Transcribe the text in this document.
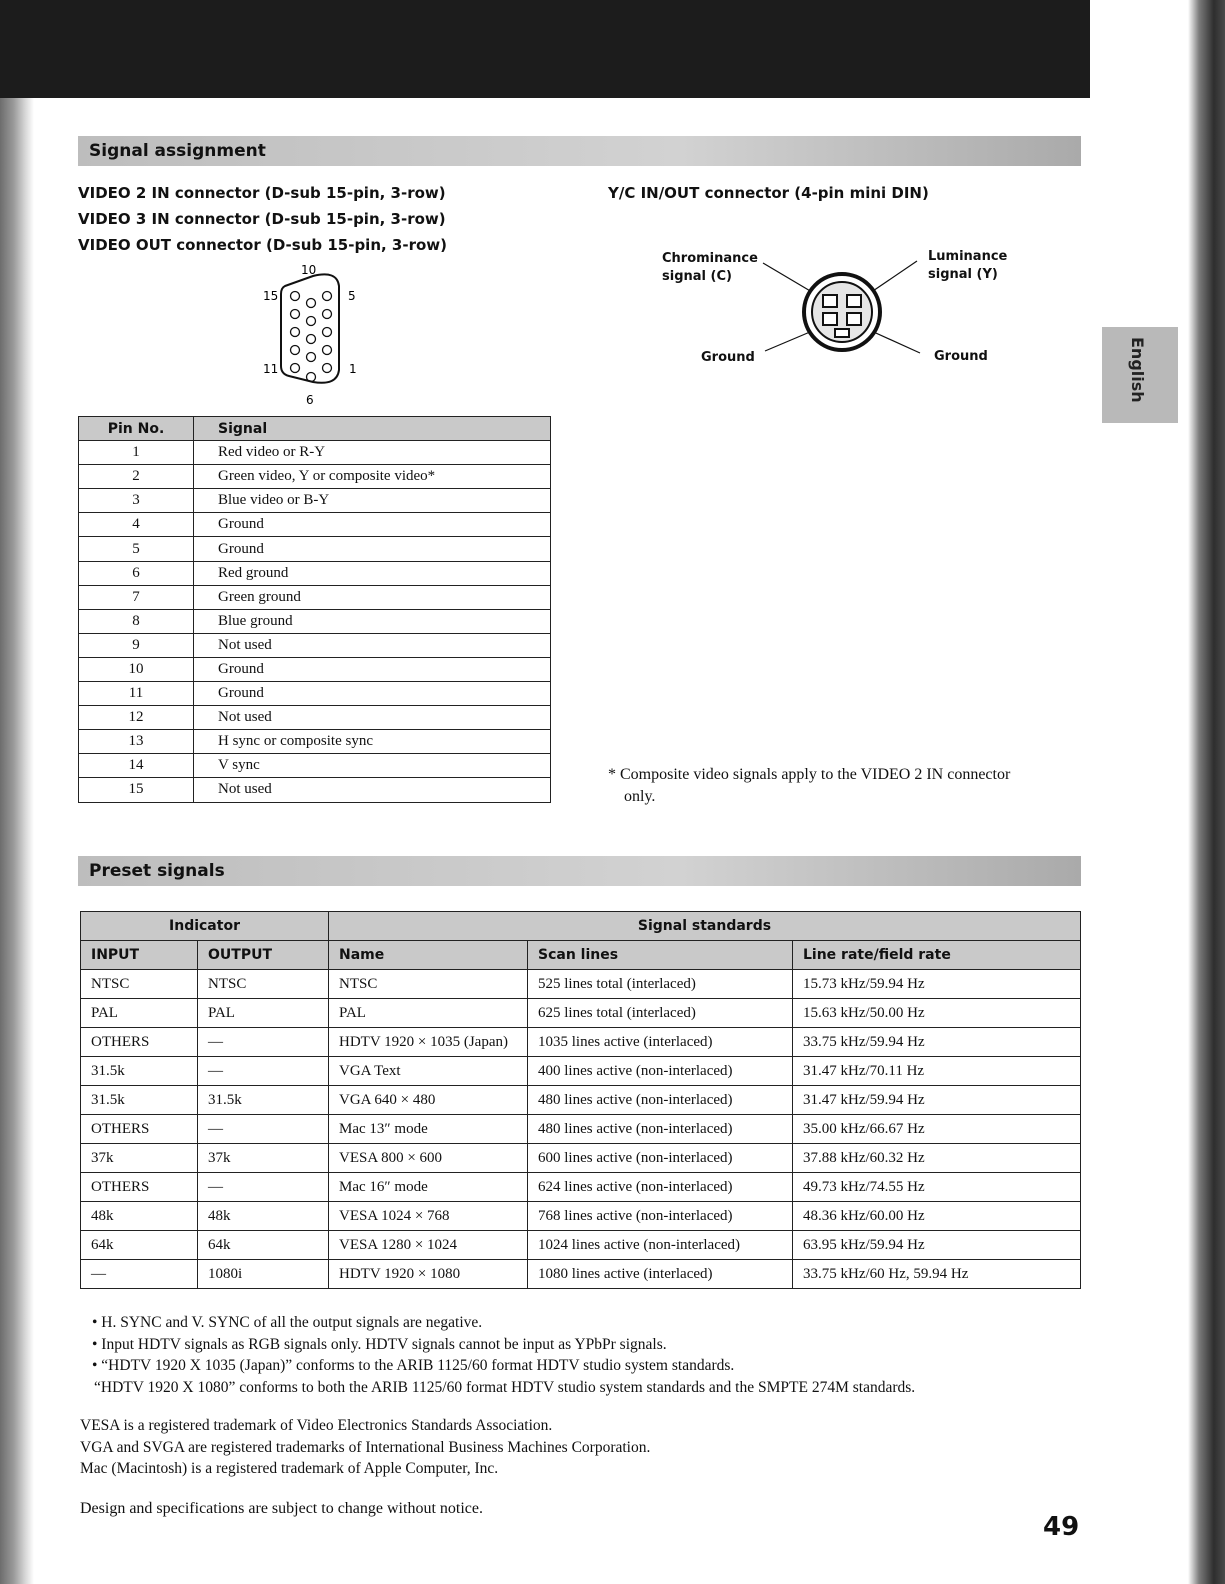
English
Signal assignment
VIDEO 2 IN connector (D-sub 15-pin, 3-row)
VIDEO 3 IN connector (D-sub 15-pin, 3-row)
VIDEO OUT connector (D-sub 15-pin, 3-row)
10
15	5
11	1
6
Y/C IN/OUT connector (4-pin mini DIN)
Chrominance
signal (C)
Luminance
signal (Y)
Ground	Ground
Pin No.	Signal
1	Red video or R-Y
2	Green video, Y or composite video*
3	Blue video or B-Y
4	Ground
5	Ground
6	Red ground
7	Green ground
8	Blue ground
9	Not used
10	Ground
11	Ground
12	Not used
13	H sync or composite sync
14	V sync
15	Not used
* Composite video signals apply to the VIDEO 2 IN connector
only.
Preset signals
Indicator		Signal standards		
INPUT	OUTPUT	Name	Scan lines	Line rate/field rate
NTSC	NTSC	NTSC	525 lines total (interlaced)	15.73 kHz/59.94 Hz
PAL	PAL	PAL	625 lines total (interlaced)	15.63 kHz/50.00 Hz
OTHERS	—	HDTV 1920 × 1035 (Japan)	1035 lines active (interlaced)	33.75 kHz/59.94 Hz
31.5k	—	VGA Text	400 lines active (non-interlaced)	31.47 kHz/70.11 Hz
31.5k	31.5k	VGA 640 × 480	480 lines active (non-interlaced)	31.47 kHz/59.94 Hz
OTHERS	—	Mac 13″ mode	480 lines active (non-interlaced)	35.00 kHz/66.67 Hz
37k	37k	VESA 800 × 600	600 lines active (non-interlaced)	37.88 kHz/60.32 Hz
OTHERS	—	Mac 16″ mode	624 lines active (non-interlaced)	49.73 kHz/74.55 Hz
48k	48k	VESA 1024 × 768	768 lines active (non-interlaced)	48.36 kHz/60.00 Hz
64k	64k	VESA 1280 × 1024	1024 lines active (non-interlaced)	63.95 kHz/59.94 Hz
—	1080i	HDTV 1920 × 1080	1080 lines active (interlaced)	33.75 kHz/60 Hz, 59.94 Hz
• H. SYNC and V. SYNC of all the output signals are negative.
• Input HDTV signals as RGB signals only. HDTV signals cannot be input as YPbPr signals.
• “HDTV 1920 X 1035 (Japan)” conforms to the ARIB 1125/60 format HDTV studio system standards.
“HDTV 1920 X 1080” conforms to both the ARIB 1125/60 format HDTV studio system standards and the SMPTE 274M standards.
VESA is a registered trademark of Video Electronics Standards Association.
VGA and SVGA are registered trademarks of International Business Machines Corporation.
Mac (Macintosh) is a registered trademark of Apple Computer, Inc.
Design and specifications are subject to change without notice.
49
